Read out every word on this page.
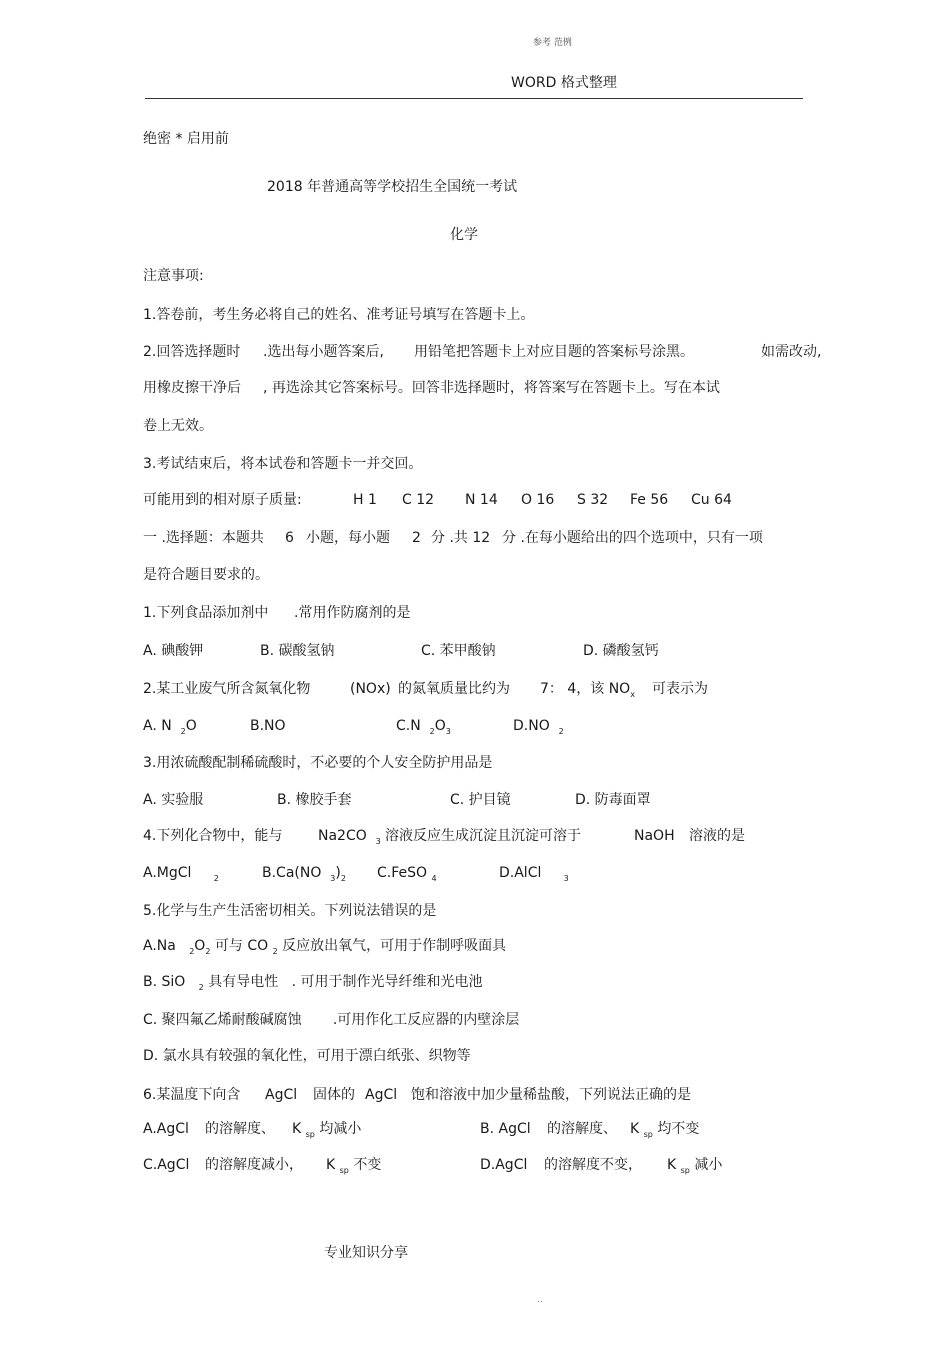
参考 范例
WORD 格式整理
绝密 * 启用前
2018 年普通高等学校招生全国统一考试
化学
注意事项:
1.答卷前，考生务必将自己的姓名、准考证号填写在答题卡上。
2.回答选择题时 .选出每小题答案后, 用铅笔把答题卡上对应目题的答案标号涂黑。	如需改动,
用橡皮擦干净后 , 再选涂其它答案标号。回答非选择题时，将答案写在答题卡上。写在本试
卷上无效。
3.考试结束后，将本试卷和答题卡一并交回。
可能用到的相对原子质量:	H 1 C 12 N 14 O 16 S 32 Fe 56 Cu 64
一 .选择题：本题共 6 小题，每小题 2 分 .共 12 分 .在每小题给出的四个选项中，只有一项
是符合题目要求的。
1.下列食品添加剂中 .常用作防腐剂的是
A. 碘酸钾	B. 碳酸氢钠	C. 苯甲酸钠	D. 磷酸氢钙
2.某工业废气所含氮氧化物	(NOx) 的氮氧质量比约为 7： 4，该 $NO_x$ 可表示为
A. N $_2$O	B.NO	C.N $_2O_3$	D.NO $_2$
3.用浓硫酸配制稀硫酸时，不必要的个人安全防护用品是
A. 实验服	B. 橡胶手套	C. 护目镜	D. 防毒面罩
4.下列化合物中，能与	Na2CO $_3$ 溶液反应生成沉淀且沉淀可溶于	NaOH 溶液的是
A.MgCl	$_2$	B.Ca(NO $_3)_2$ C.FeSO $_4$	D.AlCl	$_3$
5.化学与生产生活密切相关。下列说法错误的是
A.Na $_2O_2$ 可与 CO $_2$ 反应放出氧气，可用于作制呼吸面具
B. SiO $_2$ 具有导电性 . 可用于制作光导纤维和光电池
C. 聚四氟乙烯耐酸碱腐蚀 .可用作化工反应器的内壁涂层
D. 氯水具有较强的氧化性，可用于漂白纸张、织物等
6.某温度下向含 AgCl 固体的 AgCl 饱和溶液中加少量稀盐酸，下列说法正确的是
A.AgCl 的溶解度、 K $_{sp}$ 均减小	B. AgCl 的溶解度、 K $_{sp}$ 均不变
C.AgCl 的溶解度减小， K $_{sp}$ 不变	D.AgCl 的溶解度不变， K $_{sp}$ 减小
专业知识分享
..
